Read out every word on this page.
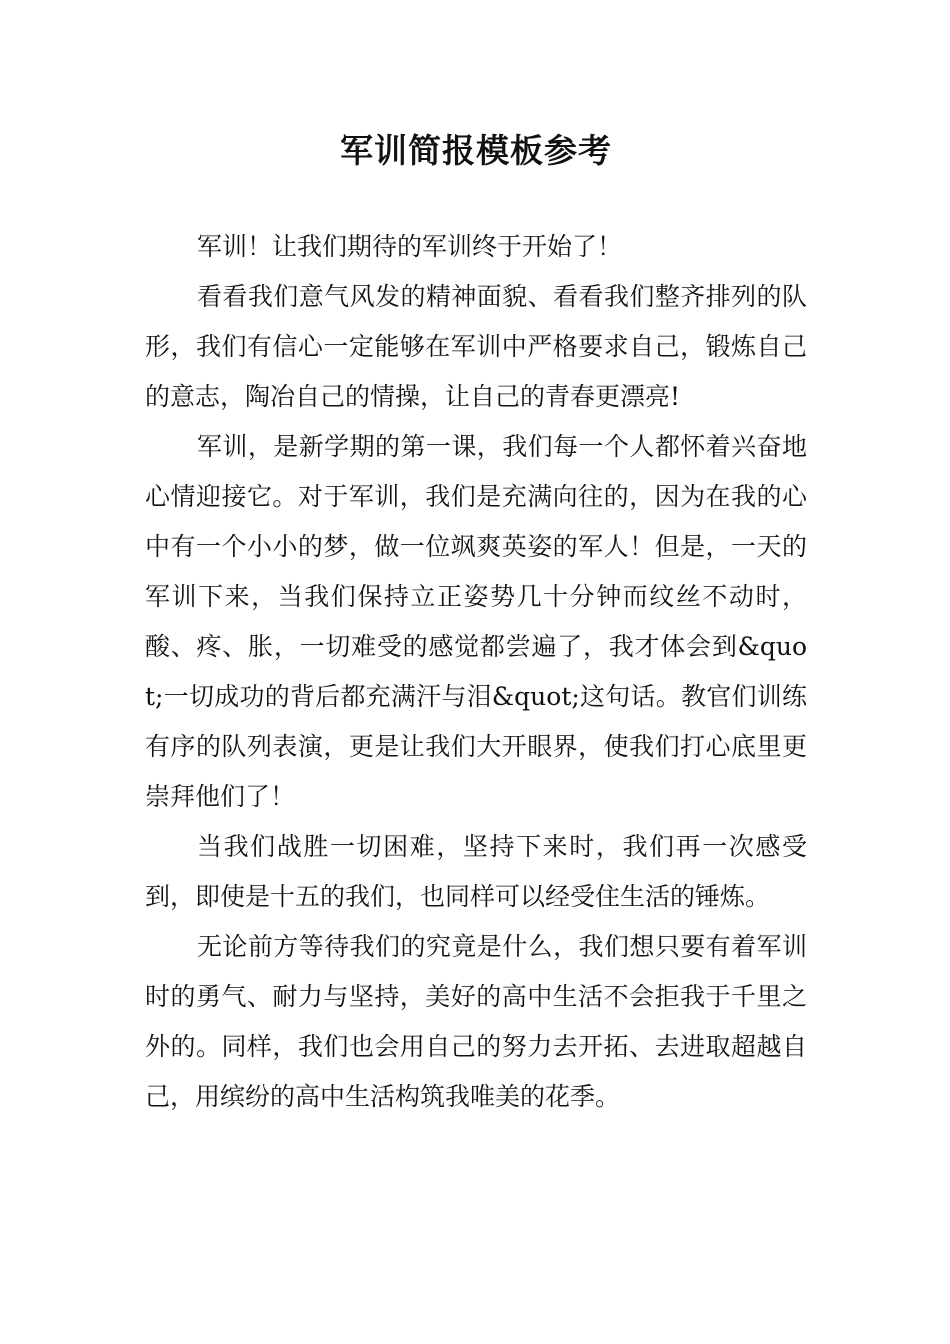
军训简报模板参考

军训！让我们期待的军训终于开始了！

看看我们意气风发的精神面貌、看看我们整齐排列的队形，我们有信心一定能够在军训中严格要求自己，锻炼自己的意志，陶冶自己的情操，让自己的青春更漂亮!

军训，是新学期的第一课，我们每一个人都怀着兴奋地心情迎接它。对于军训，我们是充满向往的，因为在我的心中有一个小小的梦，做一位飒爽英姿的军人！但是，一天的军训下来，当我们保持立正姿势几十分钟而纹丝不动时，酸、疼、胀，一切难受的感觉都尝遍了，我才体会到&quot;一切成功的背后都充满汗与泪&quot;这句话。教官们训练有序的队列表演，更是让我们大开眼界，使我们打心底里更崇拜他们了！

当我们战胜一切困难，坚持下来时，我们再一次感受到，即使是十五的我们，也同样可以经受住生活的锤炼。

无论前方等待我们的究竟是什么，我们想只要有着军训时的勇气、耐力与坚持，美好的高中生活不会拒我于千里之外的。同样，我们也会用自己的努力去开拓、去进取超越自己，用缤纷的高中生活构筑我唯美的花季。
